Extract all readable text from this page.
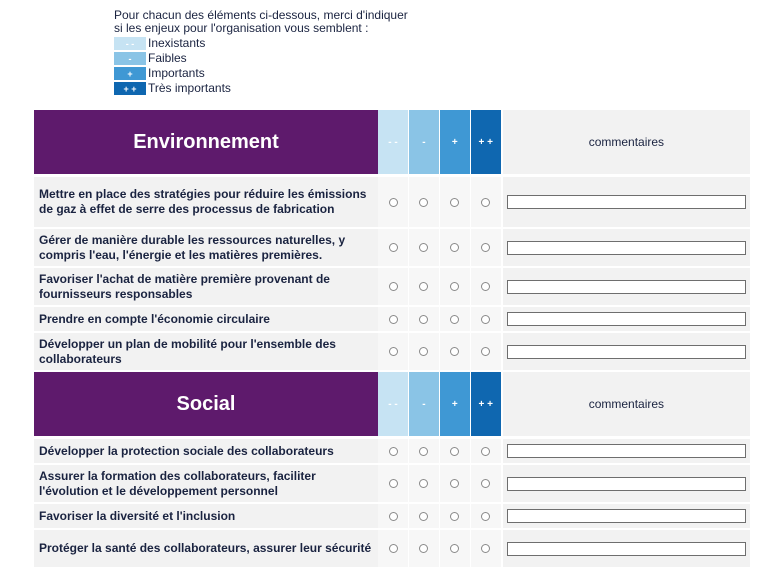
Pour chacun des éléments ci-dessous, merci d'indiquer
si les enjeux pour l'organisation vous semblent :
- -	Inexistants
-	Faibles
+	Importants
+ + Très importants
Environnement	- -	-	+	+ +	commentaires
Mettre en place des stratégies pour réduire les émissions de gaz à effet de serre des processus de fabrication
Gérer de manière durable les ressources naturelles, y compris l'eau, l'énergie et les matières premières.
Favoriser l'achat de matière première provenant de fournisseurs responsables
Prendre en compte l'économie circulaire
Développer un plan de mobilité pour l'ensemble des collaborateurs
Social	- -	-	+	+ +	commentaires
Développer la protection sociale des collaborateurs
Assurer la formation des collaborateurs, faciliter l'évolution et le développement personnel
Favoriser la diversité et l'inclusion
Protéger la santé des collaborateurs, assurer leur sécurité
